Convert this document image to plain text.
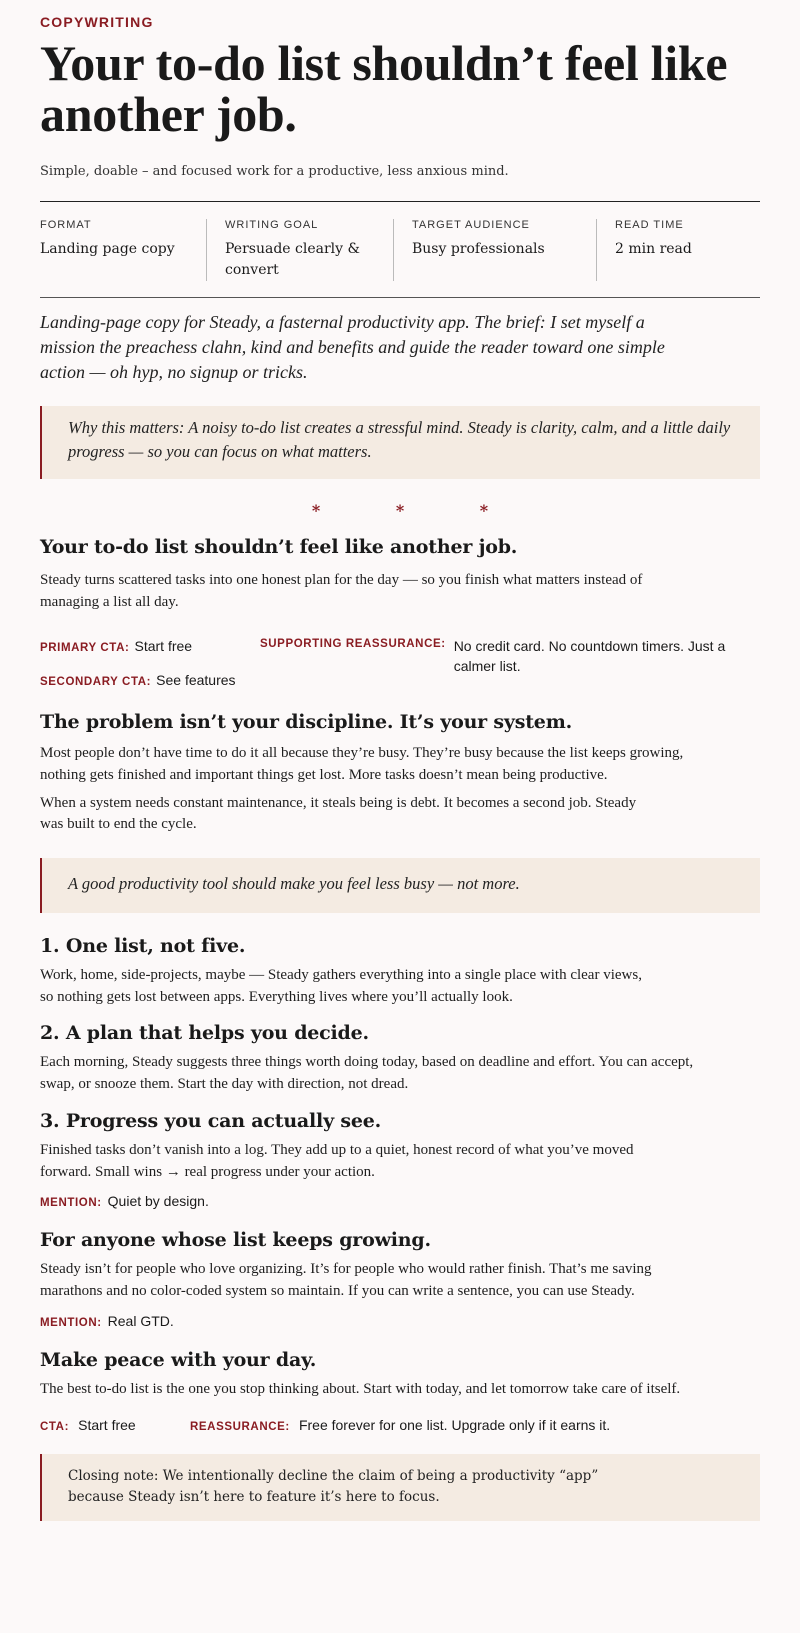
COPYWRITING

Your to-do list shouldn’t feel like another job.

Simple, doable – and focused work for a productive, less anxious mind.

FORMAT
Landing page copy
WRITING GOAL
Persuade clearly & convert
TARGET AUDIENCE
Busy professionals
READ TIME
2 min read

Landing-page copy for Steady, a fasternal productivity app. The brief: I set myself a mission the preachess clahn, kind and benefits and guide the reader toward one simple action — oh hyp, no signup or tricks.

Why this matters: A noisy to-do list creates a stressful mind. Steady is clarity, calm, and a little daily progress — so you can focus on what matters.
* * *
Your to-do list shouldn’t feel like another job.

Steady turns scattered tasks into one honest plan for the day — so you finish what matters instead of managing a list all day.

PRIMARY CTA: Start free	SUPPORTING REASSURANCE: No credit card. No countdown timers. Just a calmer list.
SECONDARY CTA: See features
The problem isn’t your discipline. It’s your system.

Most people don’t have time to do it all because they’re busy. They’re busy because the list keeps growing, nothing gets finished and important things get lost. More tasks doesn’t mean being productive.

When a system needs constant maintenance, it steals being is debt. It becomes a second job. Steady was built to end the cycle.

A good productivity tool should make you feel less busy — not more.
1. One list, not five.

Work, home, side-projects, maybe — Steady gathers everything into a single place with clear views, so nothing gets lost between apps. Everything lives where you’ll actually look.

2. A plan that helps you decide.

Each morning, Steady suggests three things worth doing today, based on deadline and effort. You can accept, swap, or snooze them. Start the day with direction, not dread.

3. Progress you can actually see.

Finished tasks don’t vanish into a log. They add up to a quiet, honest record of what you’ve moved forward. Small wins → real progress under your action.

MENTION: Quiet by design.
For anyone whose list keeps growing.

Steady isn’t for people who love organizing. It’s for people who would rather finish. That’s me saving marathons and no color-coded system so maintain. If you can write a sentence, you can use Steady.

MENTION: Real GTD.
Make peace with your day.

The best to-do list is the one you stop thinking about. Start with today, and let tomorrow take care of itself.

CTA: Start free	REASSURANCE: Free forever for one list. Upgrade only if it earns it.
Closing note: We intentionally decline the claim of being a productivity “app” because Steady isn’t here to feature it’s here to focus.
